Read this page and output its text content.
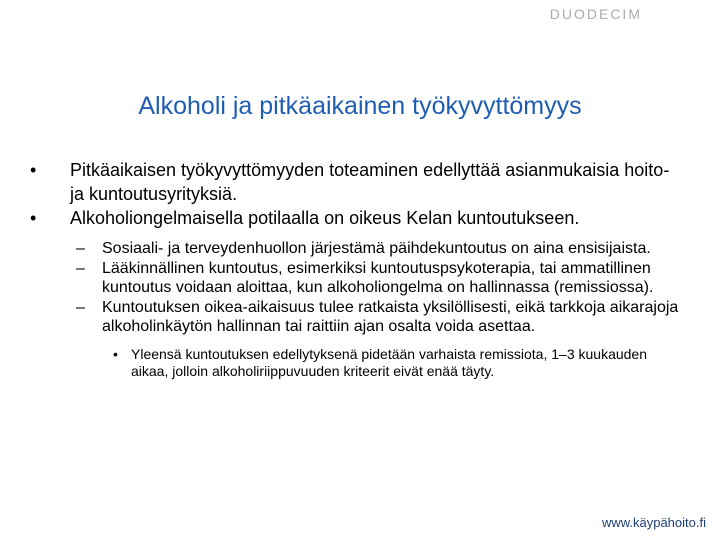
DUODECIM
Alkoholi ja pitkäaikainen työkyvyttömyys
• Pitkäaikaisen työkyvyttömyyden toteaminen edellyttää asianmukaisia hoito- ja kuntoutusyrityksiä.
• Alkoholiongelmaisella potilaalla on oikeus Kelan kuntoutukseen.
– Sosiaali- ja terveydenhuollon järjestämä päihdekuntoutus on aina ensisijaista.
– Lääkinnällinen kuntoutus, esimerkiksi kuntoutuspsykoterapia, tai ammatillinen kuntoutus voidaan aloittaa, kun alkoholiongelma on hallinnassa (remissiossa).
– Kuntoutuksen oikea-aikaisuus tulee ratkaista yksilöllisesti, eikä tarkkoja aikarajoja alkoholinkäytön hallinnan tai raittiin ajan osalta voida asettaa.
• Yleensä kuntoutuksen edellytyksenä pidetään varhaista remissiota, 1–3 kuukauden aikaa, jolloin alkoholiriippuvuuden kriteerit eivät enää täyty.
www.käypähoito.fi
